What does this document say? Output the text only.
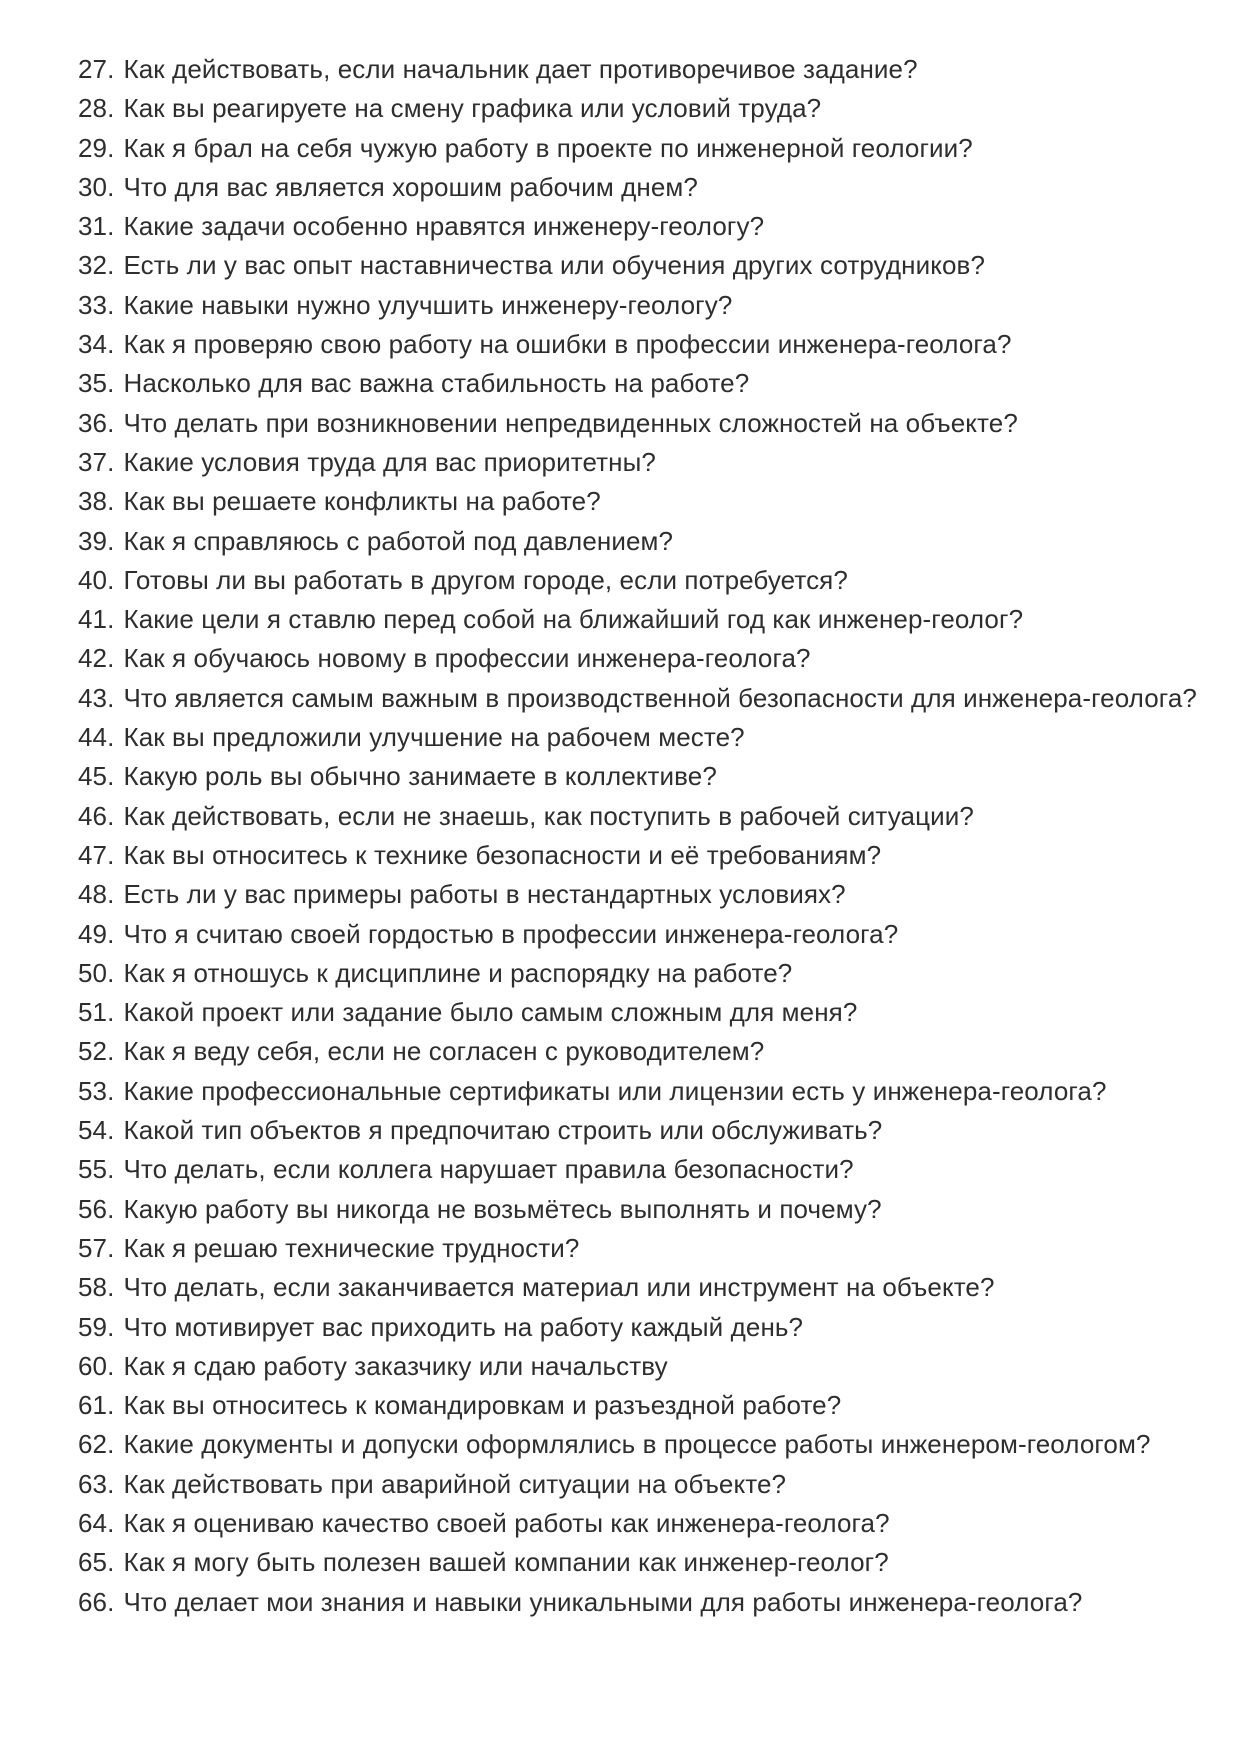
27. Как действовать, если начальник дает противоречивое задание?
28. Как вы реагируете на смену графика или условий труда?
29. Как я брал на себя чужую работу в проекте по инженерной геологии?
30. Что для вас является хорошим рабочим днем?
31. Какие задачи особенно нравятся инженеру-геологу?
32. Есть ли у вас опыт наставничества или обучения других сотрудников?
33. Какие навыки нужно улучшить инженеру-геологу?
34. Как я проверяю свою работу на ошибки в профессии инженера-геолога?
35. Насколько для вас важна стабильность на работе?
36. Что делать при возникновении непредвиденных сложностей на объекте?
37. Какие условия труда для вас приоритетны?
38. Как вы решаете конфликты на работе?
39. Как я справляюсь с работой под давлением?
40. Готовы ли вы работать в другом городе, если потребуется?
41. Какие цели я ставлю перед собой на ближайший год как инженер-геолог?
42. Как я обучаюсь новому в профессии инженера-геолога?
43. Что является самым важным в производственной безопасности для инженера-геолога?
44. Как вы предложили улучшение на рабочем месте?
45. Какую роль вы обычно занимаете в коллективе?
46. Как действовать, если не знаешь, как поступить в рабочей ситуации?
47. Как вы относитесь к технике безопасности и её требованиям?
48. Есть ли у вас примеры работы в нестандартных условиях?
49. Что я считаю своей гордостью в профессии инженера-геолога?
50. Как я отношусь к дисциплине и распорядку на работе?
51. Какой проект или задание было самым сложным для меня?
52. Как я веду себя, если не согласен с руководителем?
53. Какие профессиональные сертификаты или лицензии есть у инженера-геолога?
54. Какой тип объектов я предпочитаю строить или обслуживать?
55. Что делать, если коллега нарушает правила безопасности?
56. Какую работу вы никогда не возьмётесь выполнять и почему?
57. Как я решаю технические трудности?
58. Что делать, если заканчивается материал или инструмент на объекте?
59. Что мотивирует вас приходить на работу каждый день?
60. Как я сдаю работу заказчику или начальству
61. Как вы относитесь к командировкам и разъездной работе?
62. Какие документы и допуски оформлялись в процессе работы инженером-геологом?
63. Как действовать при аварийной ситуации на объекте?
64. Как я оцениваю качество своей работы как инженера-геолога?
65. Как я могу быть полезен вашей компании как инженер-геолог?
66. Что делает мои знания и навыки уникальными для работы инженера-геолога?
